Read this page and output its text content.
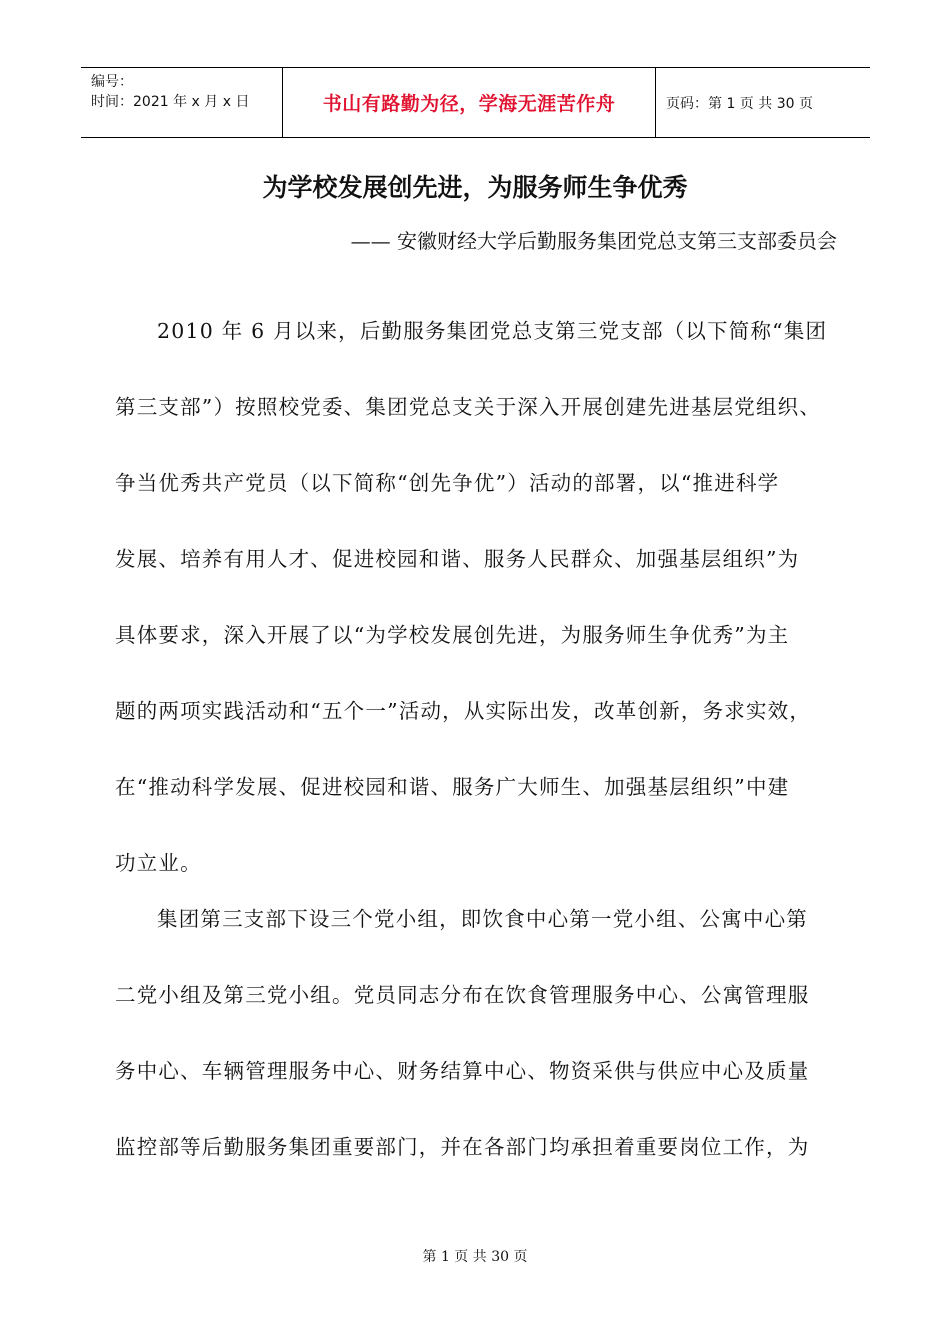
编号：
时间：2021 年 x 月 x 日	书山有路勤为径，学海无涯苦作舟	页码：第 1 页 共 30 页
为学校发展创先进，为服务师生争优秀
—— 安徽财经大学后勤服务集团党总支第三支部委员会

2010 年 6 月以来，后勤服务集团党总支第三党支部（以下简称“集团
第三支部”）按照校党委、集团党总支关于深入开展创建先进基层党组织、
争当优秀共产党员（以下简称“创先争优”）活动的部署，以“推进科学
发展、培养有用人才、促进校园和谐、服务人民群众、加强基层组织”为
具体要求，深入开展了以“为学校发展创先进，为服务师生争优秀”为主
题的两项实践活动和“五个一”活动，从实际出发，改革创新，务求实效，
在“推动科学发展、促进校园和谐、服务广大师生、加强基层组织”中建
功立业。

集团第三支部下设三个党小组，即饮食中心第一党小组、公寓中心第
二党小组及第三党小组。党员同志分布在饮食管理服务中心、公寓管理服
务中心、车辆管理服务中心、财务结算中心、物资采供与供应中心及质量
监控部等后勤服务集团重要部门，并在各部门均承担着重要岗位工作，为

第 1 页 共 30 页
